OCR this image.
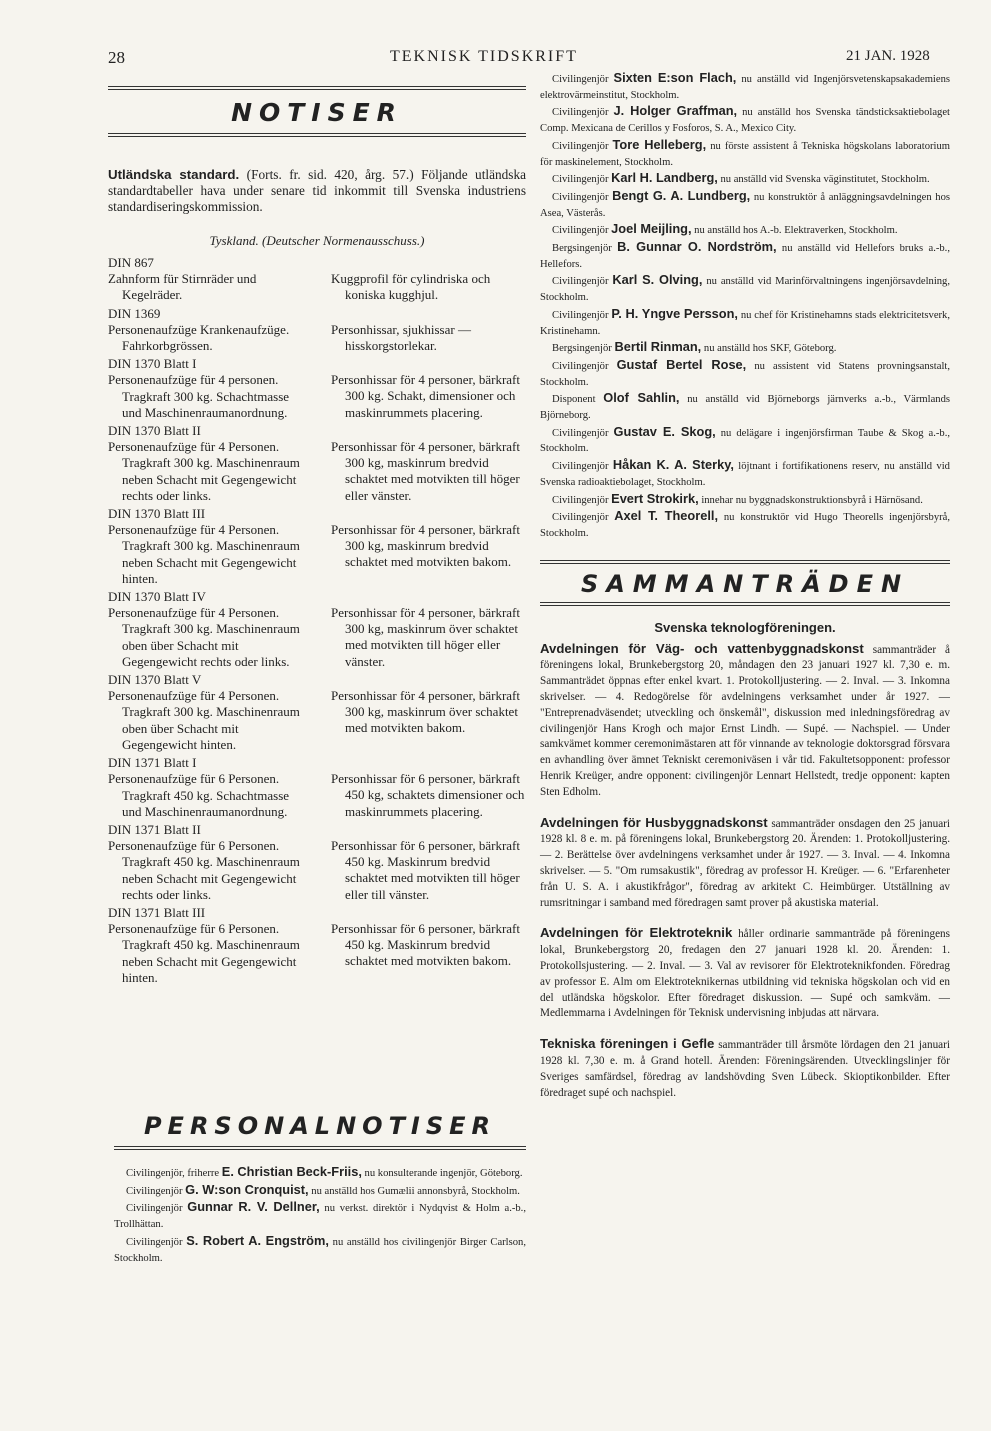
28	TEKNISK TIDSKRIFT	21 JAN. 1928
NOTISER

Utländska standard. (Forts. fr. sid. 420, årg. 57.) Följande utländska standardtabeller hava under senare tid inkommit till Svenska industriens standardiseringskommission.

Tyskland. (Deutscher Normenausschuss.)
DIN 867
Zahnform für Stirnräder und Kegelräder.
Kuggprofil för cylindriska och koniska kugghjul.
DIN 1369
Personenaufzüge Krankenaufzüge. Fahrkorbgrössen.
Personhissar, sjukhissar — hisskorgstorlekar.
DIN 1370 Blatt I
Personenaufzüge für 4 personen. Tragkraft 300 kg. Schachtmasse und Maschinenraumanordnung.
Personhissar för 4 personer, bärkraft 300 kg. Schakt, dimensioner och maskinrummets placering.
DIN 1370 Blatt II
Personenaufzüge für 4 Personen. Tragkraft 300 kg. Maschinenraum neben Schacht mit Gegengewicht rechts oder links.
Personhissar för 4 personer, bärkraft 300 kg, maskinrum bredvid schaktet med motvikten till höger eller vänster.
DIN 1370 Blatt III
Personenaufzüge für 4 Personen. Tragkraft 300 kg. Maschinenraum neben Schacht mit Gegengewicht hinten.
Personhissar för 4 personer, bärkraft 300 kg, maskinrum bredvid schaktet med motvikten bakom.
DIN 1370 Blatt IV
Personenaufzüge für 4 Personen. Tragkraft 300 kg. Maschinenraum oben über Schacht mit Gegengewicht rechts oder links.
Personhissar för 4 personer, bärkraft 300 kg, maskinrum över schaktet med motvikten till höger eller vänster.
DIN 1370 Blatt V
Personenaufzüge für 4 Personen. Tragkraft 300 kg. Maschinenraum oben über Schacht mit Gegengewicht hinten.
Personhissar för 4 personer, bärkraft 300 kg, maskinrum över schaktet med motvikten bakom.
DIN 1371 Blatt I
Personenaufzüge für 6 Personen. Tragkraft 450 kg. Schachtmasse und Maschinenraumanordnung.
Personhissar för 6 personer, bärkraft 450 kg, schaktets dimensioner och maskinrummets placering.
DIN 1371 Blatt II
Personenaufzüge für 6 Personen. Tragkraft 450 kg. Maschinenraum neben Schacht mit Gegengewicht rechts oder links.
Personhissar för 6 personer, bärkraft 450 kg. Maskinrum bredvid schaktet med motvikten till höger eller till vänster.
DIN 1371 Blatt III
Personenaufzüge für 6 Personen. Tragkraft 450 kg. Maschinenraum neben Schacht mit Gegengewicht hinten.
Personhissar för 6 personer, bärkraft 450 kg. Maskinrum bredvid schaktet med motvikten bakom.
PERSONALNOTISER

Civilingenjör, friherre E. Christian Beck-Friis, nu konsulterande ingenjör, Göteborg.

Civilingenjör G. W:son Cronquist, nu anställd hos Gumælii annonsbyrå, Stockholm.

Civilingenjör Gunnar R. V. Dellner, nu verkst. direktör i Nydqvist & Holm a.-b., Trollhättan.

Civilingenjör S. Robert A. Engström, nu anställd hos civilingenjör Birger Carlson, Stockholm.

Civilingenjör Sixten E:son Flach, nu anställd vid Ingenjörsvetenskapsakademiens elektrovärmeinstitut, Stockholm.

Civilingenjör J. Holger Graffman, nu anställd hos Svenska tändsticksaktiebolaget Comp. Mexicana de Cerillos y Fosforos, S. A., Mexico City.

Civilingenjör Tore Helleberg, nu förste assistent å Tekniska högskolans laboratorium för maskinelement, Stockholm.

Civilingenjör Karl H. Landberg, nu anställd vid Svenska väginstitutet, Stockholm.

Civilingenjör Bengt G. A. Lundberg, nu konstruktör å anläggningsavdelningen hos Asea, Västerås.

Civilingenjör Joel Meijling, nu anställd hos A.-b. Elektraverken, Stockholm.

Bergsingenjör B. Gunnar O. Nordström, nu anställd vid Hellefors bruks a.-b., Hellefors.

Civilingenjör Karl S. Olving, nu anställd vid Marinförvaltningens ingenjörsavdelning, Stockholm.

Civilingenjör P. H. Yngve Persson, nu chef för Kristinehamns stads elektricitetsverk, Kristinehamn.

Bergsingenjör Bertil Rinman, nu anställd hos SKF, Göteborg.

Civilingenjör Gustaf Bertel Rose, nu assistent vid Statens provningsanstalt, Stockholm.

Disponent Olof Sahlin, nu anställd vid Björneborgs järnverks a.-b., Värmlands Björneborg.

Civilingenjör Gustav E. Skog, nu delägare i ingenjörsfirman Taube & Skog a.-b., Stockholm.

Civilingenjör Håkan K. A. Sterky, löjtnant i fortifikationens reserv, nu anställd vid Svenska radioaktiebolaget, Stockholm.

Civilingenjör Evert Strokirk, innehar nu byggnadskonstruktionsbyrå i Härnösand.

Civilingenjör Axel T. Theorell, nu konstruktör vid Hugo Theorells ingenjörsbyrå, Stockholm.

SAMMANTRÄDEN
Svenska teknologföreningen.

Avdelningen för Väg- och vattenbyggnadskonst sammanträder å föreningens lokal, Brunkebergstorg 20, måndagen den 23 januari 1927 kl. 7,30 e. m. Sammanträdet öppnas efter enkel kvart. 1. Protokolljustering. — 2. Inval. — 3. Inkomna skrivelser. — 4. Redogörelse för avdelningens verksamhet under år 1927. — "Entreprenadväsendet; utveckling och önskemål", diskussion med inledningsföredrag av civilingenjör Hans Krogh och major Ernst Lindh. — Supé. — Nachspiel. — Under samkvämet kommer ceremonimästaren att för vinnande av teknologie doktorsgrad försvara en avhandling över ämnet Tekniskt ceremoniväsen i vår tid. Fakultetsopponent: professor Henrik Kreüger, andre opponent: civilingenjör Lennart Hellstedt, tredje opponent: kapten Sten Edholm.

Avdelningen för Husbyggnadskonst sammanträder onsdagen den 25 januari 1928 kl. 8 e. m. på föreningens lokal, Brunkebergstorg 20. Ärenden: 1. Protokolljustering. — 2. Berättelse över avdelningens verksamhet under år 1927. — 3. Inval. — 4. Inkomna skrivelser. — 5. "Om rumsakustik", föredrag av professor H. Kreüger. — 6. "Erfarenheter från U. S. A. i akustikfrågor", föredrag av arkitekt C. Heimbürger. Utställning av rumsritningar i samband med föredragen samt prover på akustiska material.

Avdelningen för Elektroteknik håller ordinarie sammanträde på föreningens lokal, Brunkebergstorg 20, fredagen den 27 januari 1928 kl. 20. Ärenden: 1. Protokollsjustering. — 2. Inval. — 3. Val av revisorer för Elektroteknikfonden. Föredrag av professor E. Alm om Elektroteknikernas utbildning vid tekniska högskolan och vid en del utländska högskolor. Efter föredraget diskussion. — Supé och samkväm. — Medlemmarna i Avdelningen för Teknisk undervisning inbjudas att närvara.

Tekniska föreningen i Gefle sammanträder till årsmöte lördagen den 21 januari 1928 kl. 7,30 e. m. å Grand hotell. Ärenden: Föreningsärenden. Utvecklingslinjer för Sveriges samfärdsel, föredrag av landshövding Sven Lübeck. Skioptikonbilder. Efter föredraget supé och nachspiel.
